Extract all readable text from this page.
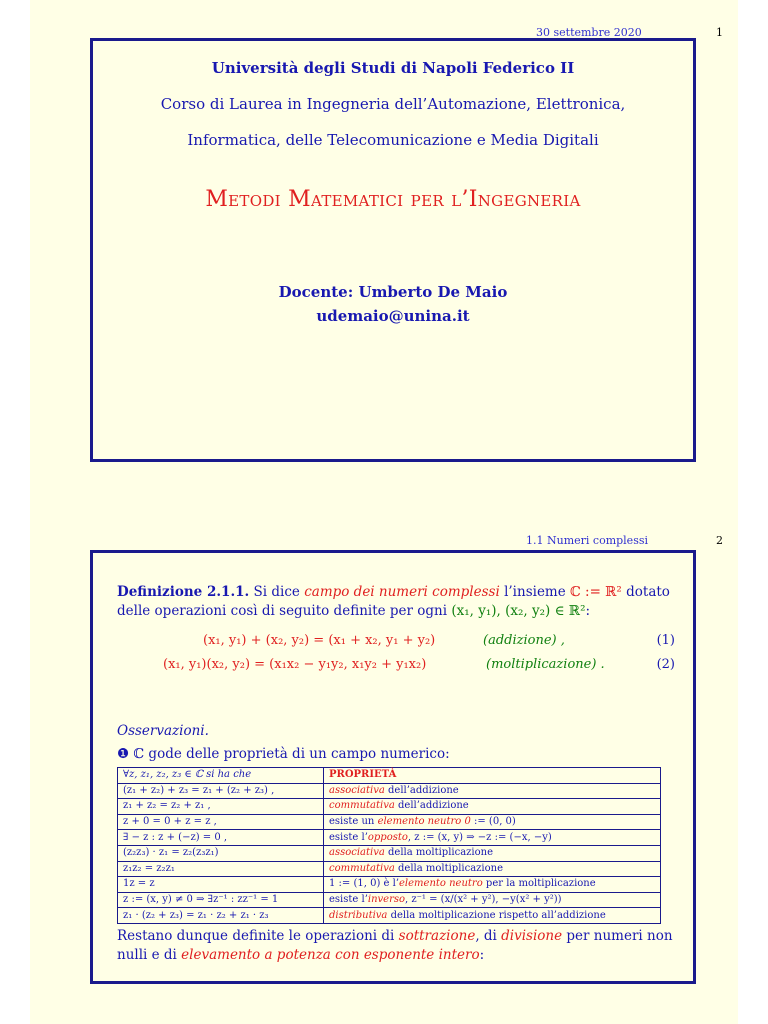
30 settembre 2020	1
Università degli Studi di Napoli Federico II
Corso di Laurea in Ingegneria dell’Automazione, Elettronica,
Informatica, delle Telecomunicazione e Media Digitali
Metodi Matematici per l’Ingegneria
Docente: Umberto De Maio
udemaio@unina.it
1.1 Numeri complessi	2
Definizione 2.1.1. Si dice campo dei numeri complessi l’insieme ℂ := ℝ² dotato delle operazioni così di seguito definite per ogni (x₁, y₁), (x₂, y₂) ∈ ℝ²:
(x₁, y₁) + (x₂, y₂) = (x₁ + x₂, y₁ + y₂)	(addizione) ,	(1)
(x₁, y₁)(x₂, y₂) = (x₁x₂ − y₁y₂, x₁y₂ + y₁x₂)	(moltiplicazione) .	(2)
Osservazioni.
❶ ℂ gode delle proprietà di un campo numerico:
∀z, z₁, z₂, z₃ ∈ ℂ si ha che	PROPRIETÀ
(z₁ + z₂) + z₃ = z₁ + (z₂ + z₃) ,	associativa dell’addizione
z₁ + z₂ = z₂ + z₁ ,	commutativa dell’addizione
z + 0 = 0 + z = z ,	esiste un elemento neutro 0 := (0, 0)
∃ − z : z + (−z) = 0 ,	esiste l’opposto, z := (x, y) ⇒ −z := (−x, −y)
(z₂z₃) · z₁ = z₂(z₃z₁)	associativa della moltiplicazione
z₁z₂ = z₂z₁	commutativa della moltiplicazione
1z = z	1 := (1, 0) è l’elemento neutro per la moltiplicazione
z := (x, y) ≠ 0 ⇒ ∃z⁻¹ : zz⁻¹ = 1	esiste l’inverso, z⁻¹ = (x/(x² + y²), −y(x² + y²))
z₁ · (z₂ + z₃) = z₁ · z₂ + z₁ · z₃	distributiva della moltiplicazione rispetto all’addizione
Restano dunque definite le operazioni di sottrazione, di divisione per numeri non nulli e di elevamento a potenza con esponente intero:
